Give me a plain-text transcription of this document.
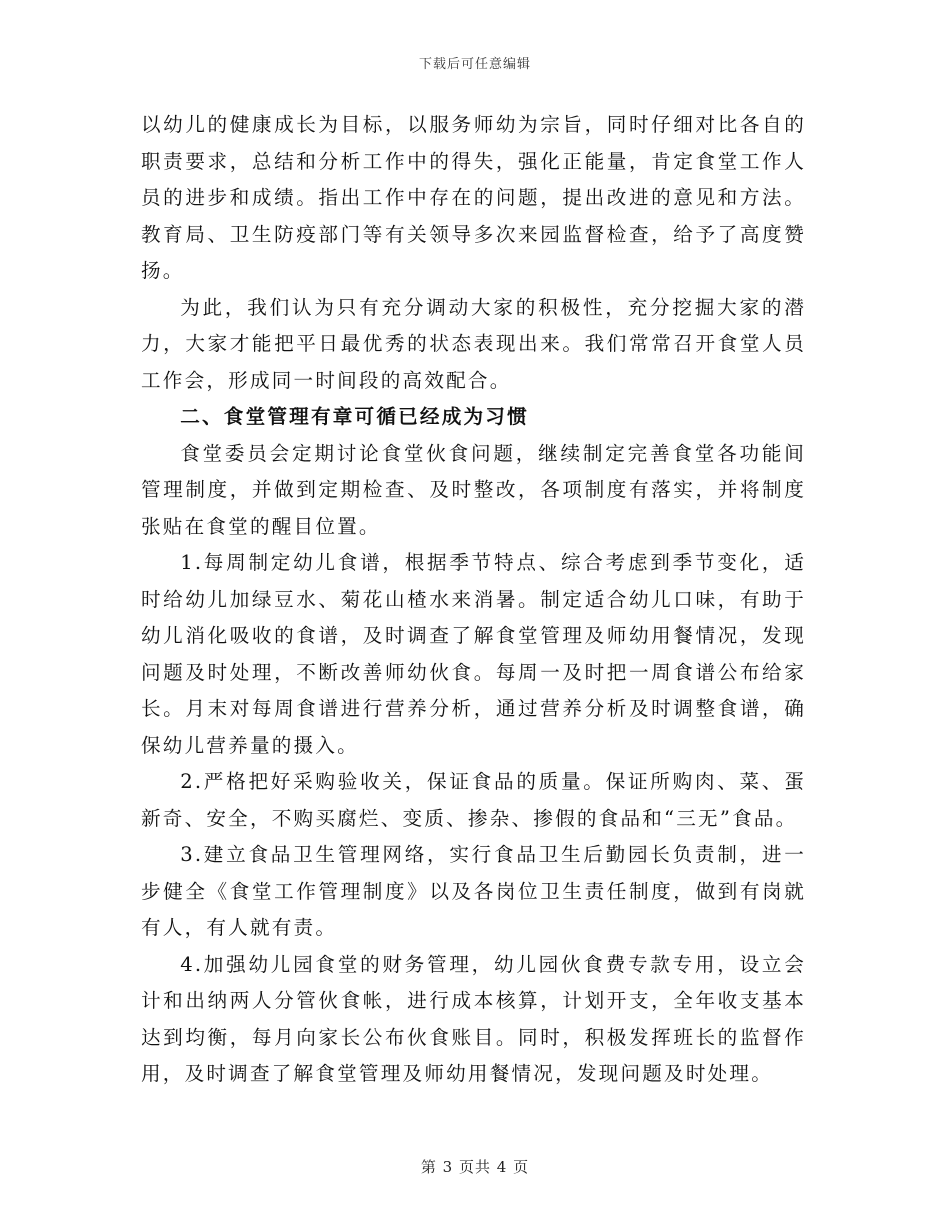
下载后可任意编辑

以幼儿的健康成长为目标，以服务师幼为宗旨，同时仔细对比各自的职责要求，总结和分析工作中的得失，强化正能量，肯定食堂工作人员的进步和成绩。指出工作中存在的问题，提出改进的意见和方法。教育局、卫生防疫部门等有关领导多次来园监督检查，给予了高度赞扬。

为此，我们认为只有充分调动大家的积极性，充分挖掘大家的潜力，大家才能把平日最优秀的状态表现出来。我们常常召开食堂人员工作会，形成同一时间段的高效配合。

二、食堂管理有章可循已经成为习惯

食堂委员会定期讨论食堂伙食问题，继续制定完善食堂各功能间管理制度，并做到定期检查、及时整改，各项制度有落实，并将制度张贴在食堂的醒目位置。

1.每周制定幼儿食谱，根据季节特点、综合考虑到季节变化，适时给幼儿加绿豆水、菊花山楂水来消暑。制定适合幼儿口味，有助于幼儿消化吸收的食谱，及时调查了解食堂管理及师幼用餐情况，发现问题及时处理，不断改善师幼伙食。每周一及时把一周食谱公布给家长。月末对每周食谱进行营养分析，通过营养分析及时调整食谱，确保幼儿营养量的摄入。

2.严格把好采购验收关，保证食品的质量。保证所购肉、菜、蛋新奇、安全，不购买腐烂、变质、掺杂、掺假的食品和“三无”食品。

3.建立食品卫生管理网络，实行食品卫生后勤园长负责制，进一步健全《食堂工作管理制度》以及各岗位卫生责任制度，做到有岗就有人，有人就有责。

4.加强幼儿园食堂的财务管理，幼儿园伙食费专款专用，设立会计和出纳两人分管伙食帐，进行成本核算，计划开支，全年收支基本达到均衡，每月向家长公布伙食账目。同时，积极发挥班长的监督作用，及时调查了解食堂管理及师幼用餐情况，发现问题及时处理。

第 3 页共 4 页
